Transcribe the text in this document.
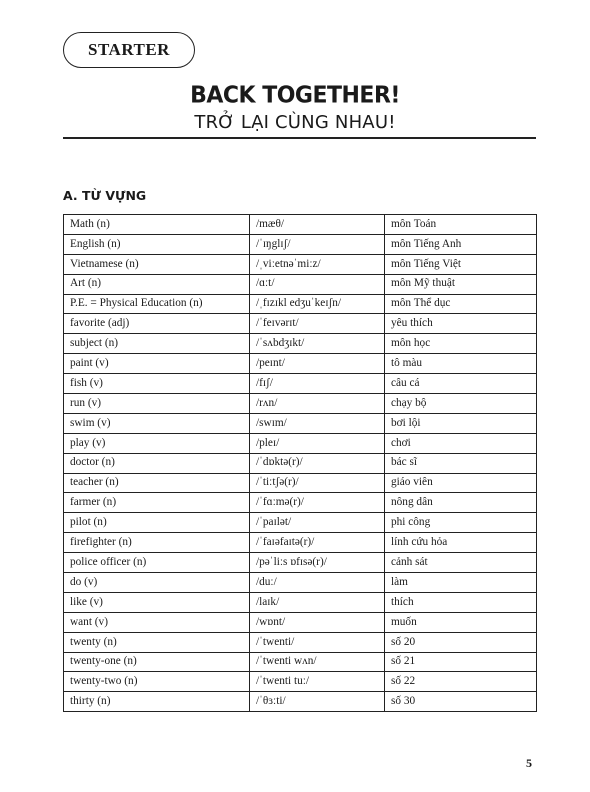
STARTER
BACK TOGETHER!
TRỞ LẠI CÙNG NHAU!
A. TỪ VỰNG
Math (n)	/mæθ/	môn Toán
English (n)	/ˈɪŋglɪʃ/	môn Tiếng Anh
Vietnamese (n)	/ˌviːetnəˈmiːz/	môn Tiếng Việt
Art (n)	/ɑːt/	môn Mỹ thuật
P.E. = Physical Education (n)	/ˌfɪzɪkl edʒuˈkeɪʃn/	môn Thể dục
favorite (adj)	/ˈfeɪvərɪt/	yêu thích
subject (n)	/ˈsʌbdʒɪkt/	môn học
paint (v)	/peɪnt/	tô màu
fish (v)	/fɪʃ/	câu cá
run (v)	/rʌn/	chạy bộ
swim (v)	/swɪm/	bơi lội
play (v)	/pleɪ/	chơi
doctor (n)	/ˈdɒktə(r)/	bác sĩ
teacher (n)	/ˈtiːtʃə(r)/	giáo viên
farmer (n)	/ˈfɑːmə(r)/	nông dân
pilot (n)	/ˈpaɪlət/	phi công
firefighter (n)	/ˈfaɪəfaɪtə(r)/	lính cứu hỏa
police officer (n)	/pəˈliːs ɒfɪsə(r)/	cảnh sát
do (v)	/duː/	làm
like (v)	/laɪk/	thích
want (v)	/wɒnt/	muốn
twenty (n)	/ˈtwenti/	số 20
twenty-one (n)	/ˈtwenti wʌn/	số 21
twenty-two (n)	/ˈtwenti tuː/	số 22
thirty (n)	/ˈθɜːti/	số 30
5
